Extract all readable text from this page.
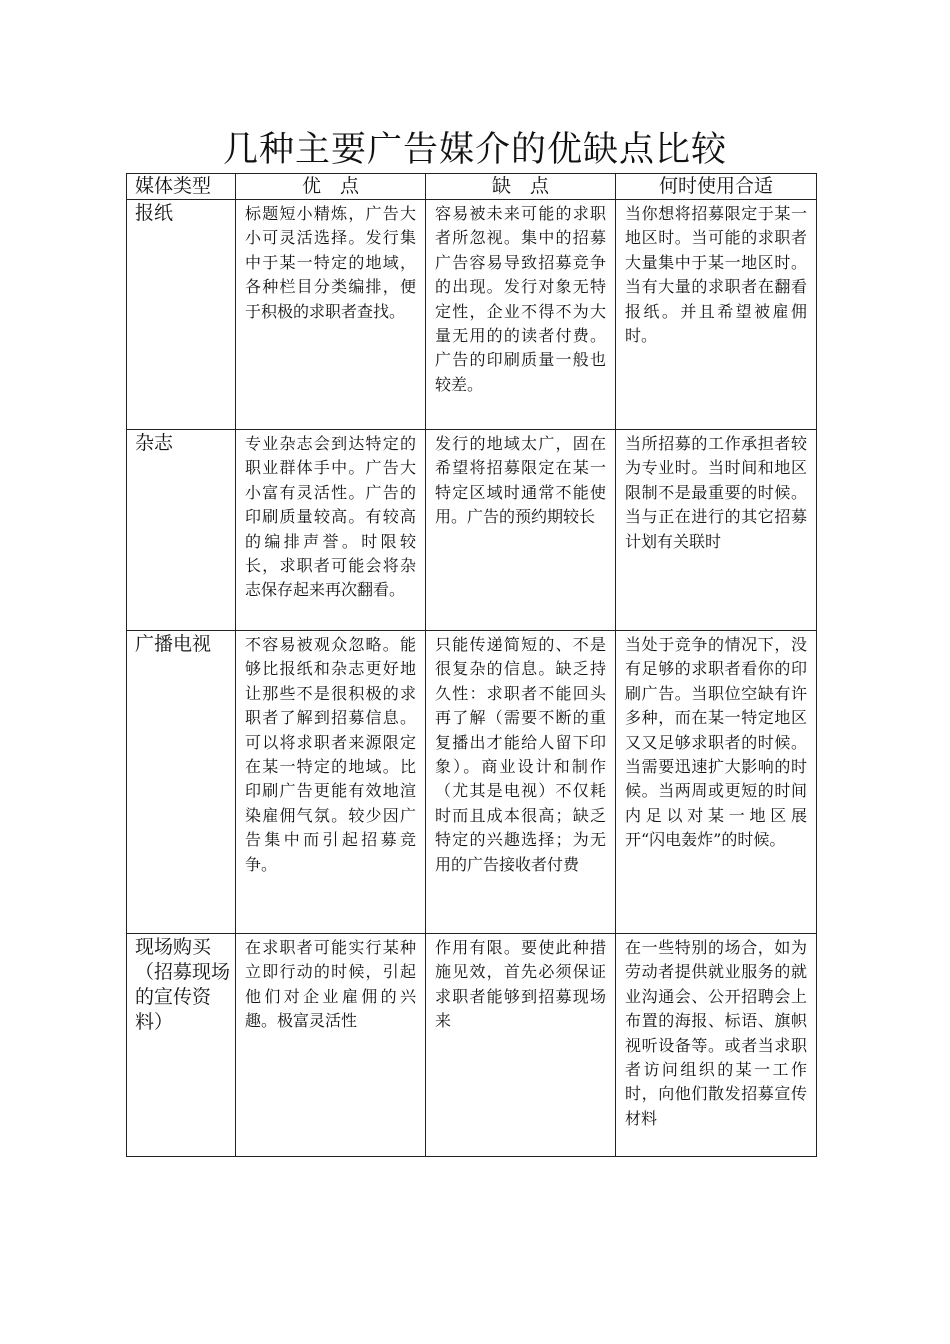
几种主要广告媒介的优缺点比较
媒体类型	优　点	缺　点	何时使用合适
报纸	标题短小精炼，广告大小可灵活选择。发行集中于某一特定的地域，各种栏目分类编排，便于积极的求职者查找。	容易被未来可能的求职者所忽视。集中的招募广告容易导致招募竞争的出现。发行对象无特定性，企业不得不为大量无用的的读者付费。广告的印刷质量一般也较差。	当你想将招募限定于某一地区时。当可能的求职者大量集中于某一地区时。当有大量的求职者在翻看报纸。并且希望被雇佣时。
杂志	专业杂志会到达特定的职业群体手中。广告大小富有灵活性。广告的印刷质量较高。有较高的编排声誉。时限较长，求职者可能会将杂志保存起来再次翻看。	发行的地域太广，固在希望将招募限定在某一特定区域时通常不能使用。广告的预约期较长	当所招募的工作承担者较为专业时。当时间和地区限制不是最重要的时候。当与正在进行的其它招募计划有关联时
广播电视	不容易被观众忽略。能够比报纸和杂志更好地让那些不是很积极的求职者了解到招募信息。可以将求职者来源限定在某一特定的地域。比印刷广告更能有效地渲染雇佣气氛。较少因广告集中而引起招募竞争。	只能传递简短的、不是很复杂的信息。缺乏持久性：求职者不能回头再了解（需要不断的重复播出才能给人留下印象）。商业设计和制作（尤其是电视）不仅耗时而且成本很高；缺乏特定的兴趣选择；为无用的广告接收者付费	当处于竞争的情况下，没有足够的求职者看你的印刷广告。当职位空缺有许多种，而在某一特定地区又又足够求职者的时候。当需要迅速扩大影响的时候。当两周或更短的时间内足以对某一地区展开“闪电轰炸”的时候。
现场购买（招募现场的宣传资料）	在求职者可能实行某种立即行动的时候，引起他们对企业雇佣的兴趣。极富灵活性	作用有限。要使此种措施见效，首先必须保证求职者能够到招募现场来	在一些特别的场合，如为劳动者提供就业服务的就业沟通会、公开招聘会上布置的海报、标语、旗帜视听设备等。或者当求职者访问组织的某一工作时，向他们散发招募宣传材料
